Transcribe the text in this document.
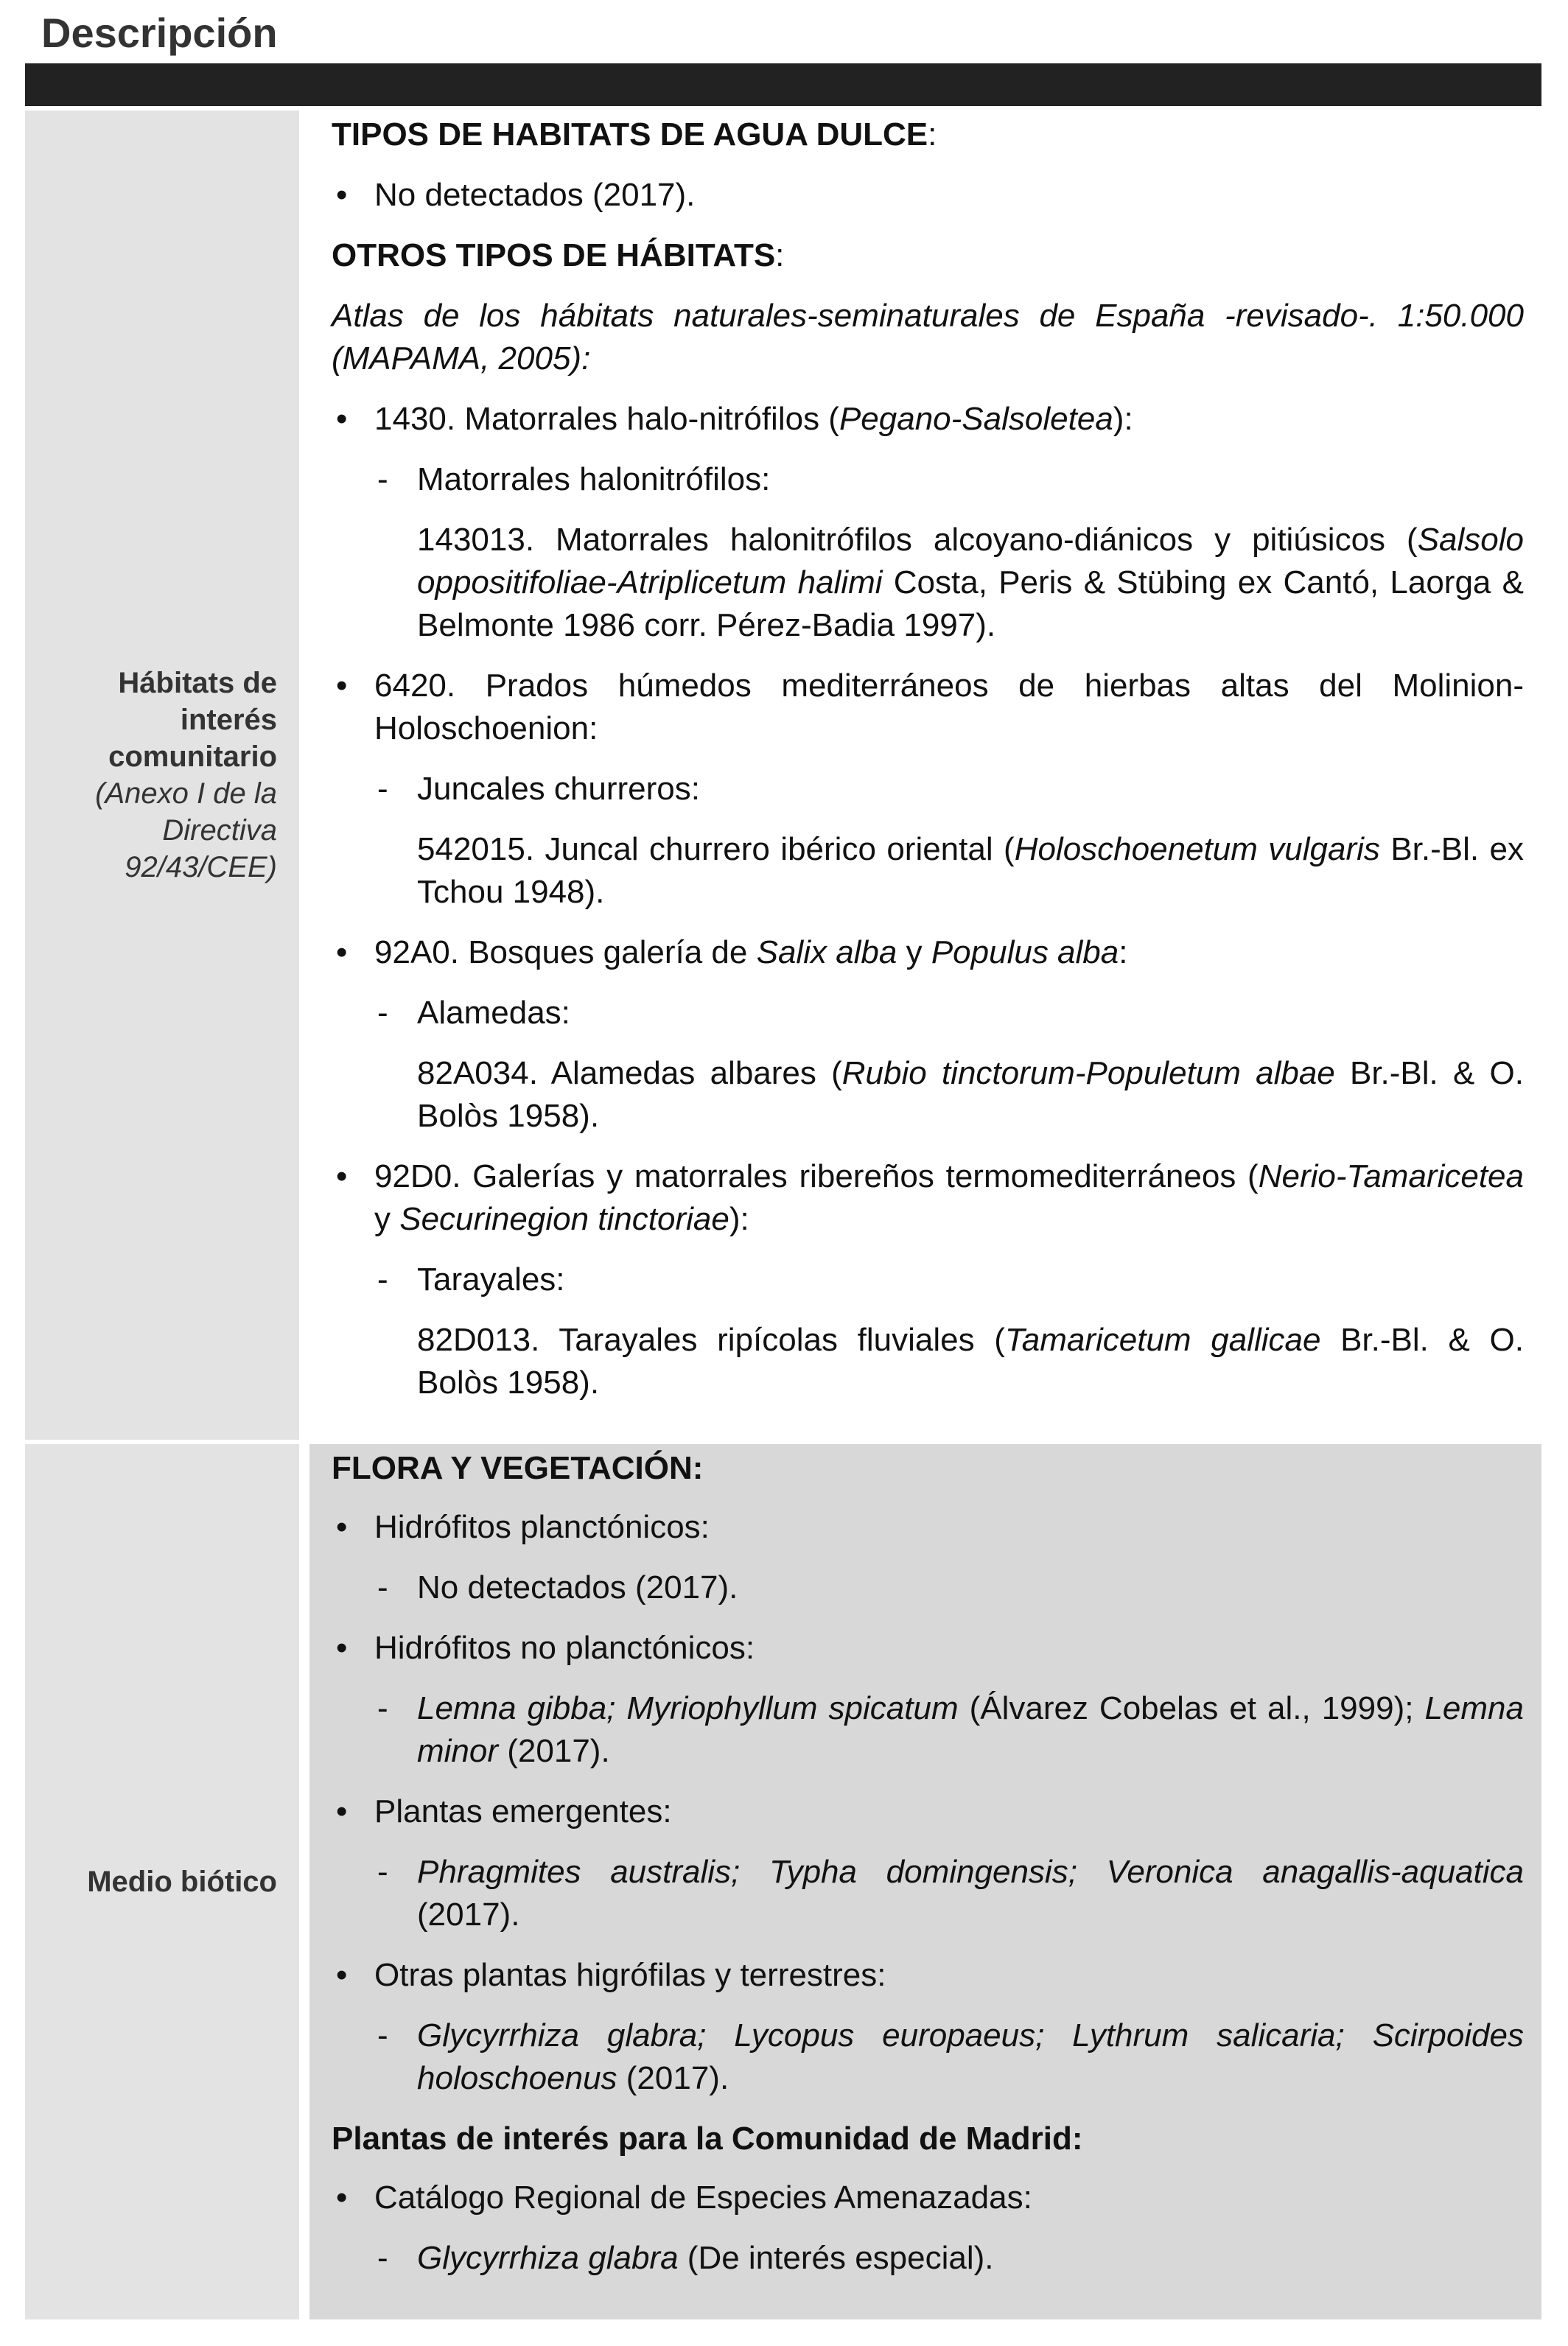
Descripción
Hábitats de
interés
comunitario
(Anexo I de la
Directiva
92/43/CEE)
TIPOS DE HABITATS DE AGUA DULCE:
• No detectados (2017).
OTROS TIPOS DE HÁBITATS:
Atlas de los hábitats naturales-seminaturales de España -revisado-. 1:50.000 (MAPAMA, 2005):
• 1430. Matorrales halo-nitrófilos (Pegano-Salsoletea):
- Matorrales halonitrófilos:
143013. Matorrales halonitrófilos alcoyano-diánicos y pitiúsicos (Salsolo oppositifoliae-Atriplicetum halimi Costa, Peris & Stübing ex Cantó, Laorga & Belmonte 1986 corr. Pérez-Badia 1997).
• 6420. Prados húmedos mediterráneos de hierbas altas del Molinion-Holoschoenion:
- Juncales churreros:
542015. Juncal churrero ibérico oriental (Holoschoenetum vulgaris Br.-Bl. ex Tchou 1948).
• 92A0. Bosques galería de Salix alba y Populus alba:
- Alamedas:
82A034. Alamedas albares (Rubio tinctorum-Populetum albae Br.-Bl. & O. Bolòs 1958).
• 92D0. Galerías y matorrales ribereños termomediterráneos (Nerio-Tamaricetea y Securinegion tinctoriae):
- Tarayales:
82D013. Tarayales ripícolas fluviales (Tamaricetum gallicae Br.-Bl. & O. Bolòs 1958).
Medio biótico
FLORA Y VEGETACIÓN:
• Hidrófitos planctónicos:
- No detectados (2017).
• Hidrófitos no planctónicos:
- Lemna gibba; Myriophyllum spicatum (Álvarez Cobelas et al., 1999); Lemna minor (2017).
• Plantas emergentes:
- Phragmites australis; Typha domingensis; Veronica anagallis-aquatica (2017).
• Otras plantas higrófilas y terrestres:
- Glycyrrhiza glabra; Lycopus europaeus; Lythrum salicaria; Scirpoides holoschoenus (2017).
Plantas de interés para la Comunidad de Madrid:
• Catálogo Regional de Especies Amenazadas:
- Glycyrrhiza glabra (De interés especial).
